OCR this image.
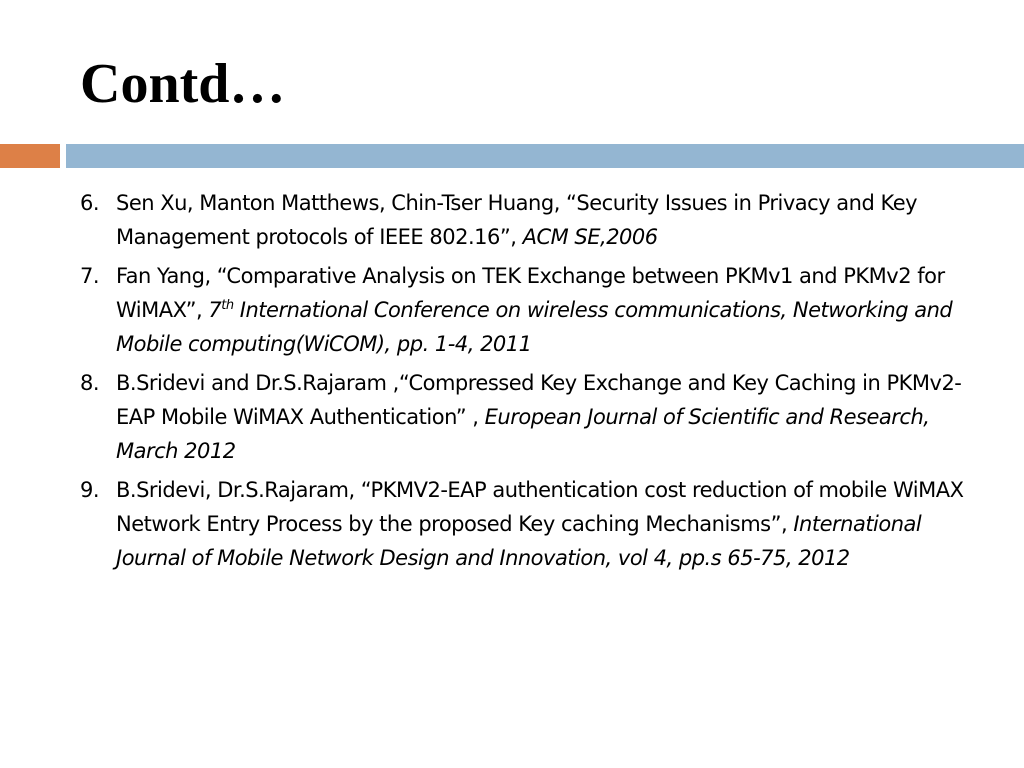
Contd…
6. Sen Xu, Manton Matthews, Chin-Tser Huang, “Security Issues in Privacy and Key Management protocols of IEEE 802.16”, ACM SE,2006
7. Fan Yang, “Comparative Analysis on TEK Exchange between PKMv1 and PKMv2 for WiMAX”, 7th International Conference on wireless communications, Networking and Mobile computing(WiCOM), pp. 1-4, 2011
8. B.Sridevi and Dr.S.Rajaram ,“Compressed Key Exchange and Key Caching in PKMv2-EAP Mobile WiMAX Authentication” , European Journal of Scientific and Research, March 2012
9. B.Sridevi, Dr.S.Rajaram, “PKMV2-EAP authentication cost reduction of mobile WiMAX Network Entry Process by the proposed Key caching Mechanisms”, International Journal of Mobile Network Design and Innovation, vol 4, pp.s 65-75, 2012
